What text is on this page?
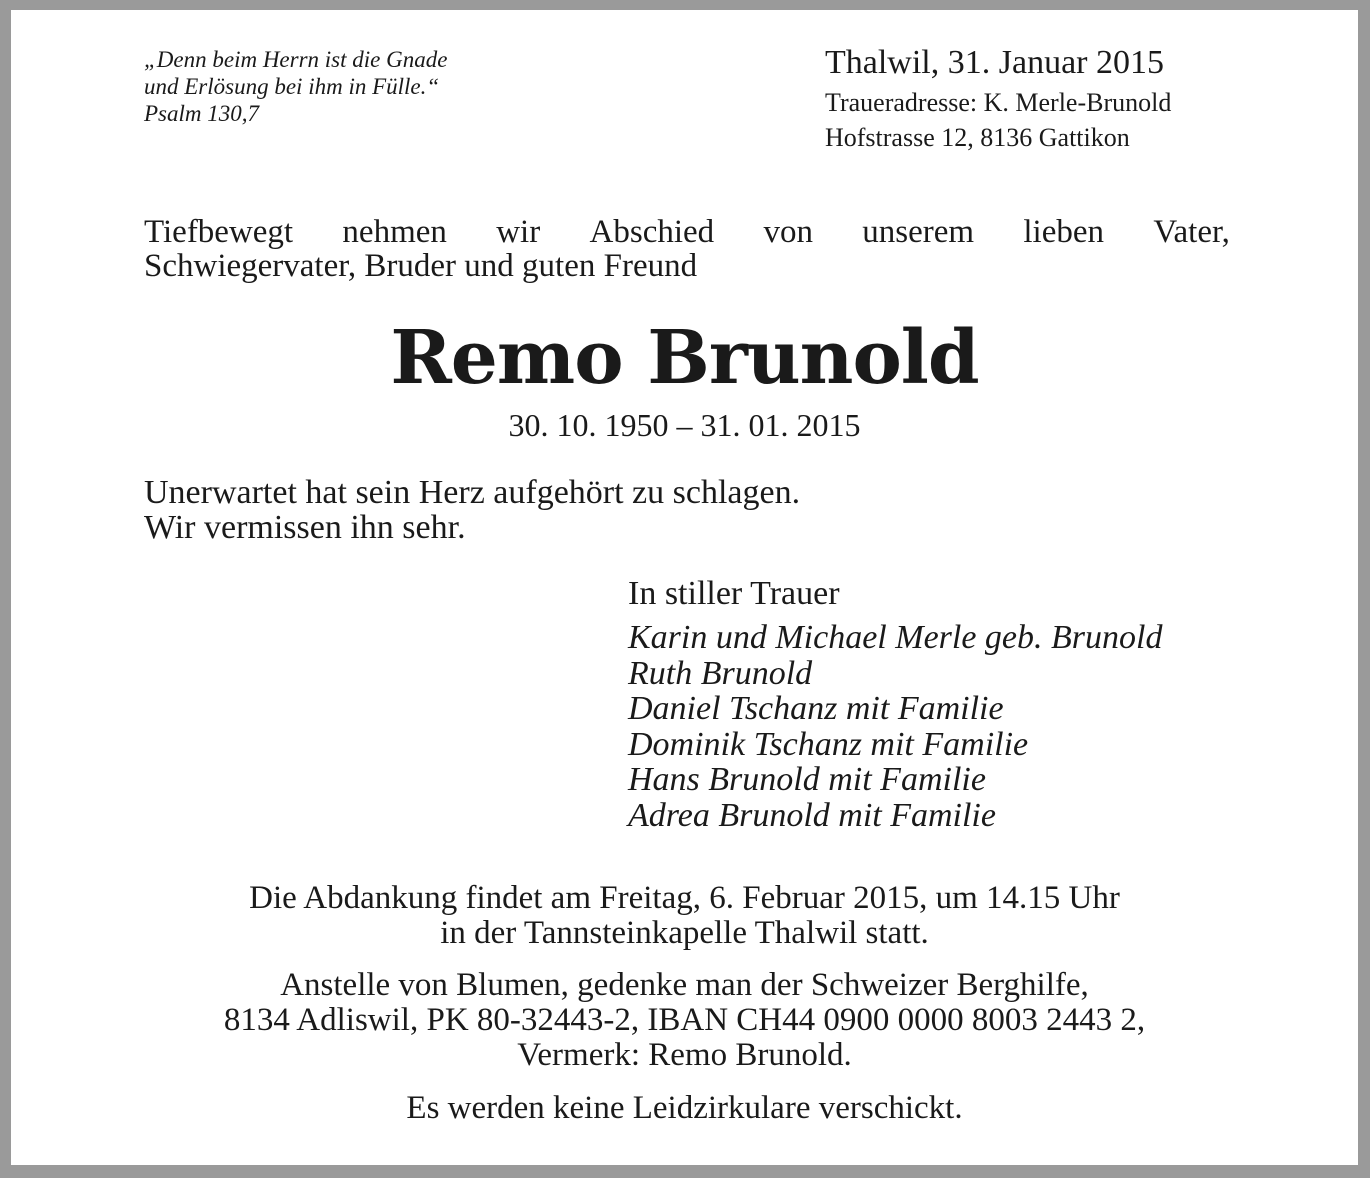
„Denn beim Herrn ist die Gnade
und Erlösung bei ihm in Fülle.“
Psalm 130,7
Thalwil, 31. Januar 2015
Traueradresse: K. Merle-Brunold
Hofstrasse 12, 8136 Gattikon
Tiefbewegt nehmen wir Abschied von unserem lieben Vater,
Schwiegervater, Bruder und guten Freund
Remo Brunold
30. 10. 1950 – 31. 01. 2015
Unerwartet hat sein Herz aufgehört zu schlagen.
Wir vermissen ihn sehr.
In stiller Trauer
Karin und Michael Merle geb. Brunold
Ruth Brunold
Daniel Tschanz mit Familie
Dominik Tschanz mit Familie
Hans Brunold mit Familie
Adrea Brunold mit Familie
Die Abdankung findet am Freitag, 6. Februar 2015, um 14.15 Uhr
in der Tannsteinkapelle Thalwil statt.
Anstelle von Blumen, gedenke man der Schweizer Berghilfe,
8134 Adliswil, PK 80-32443-2, IBAN CH44 0900 0000 8003 2443 2,
Vermerk: Remo Brunold.
Es werden keine Leidzirkulare verschickt.
